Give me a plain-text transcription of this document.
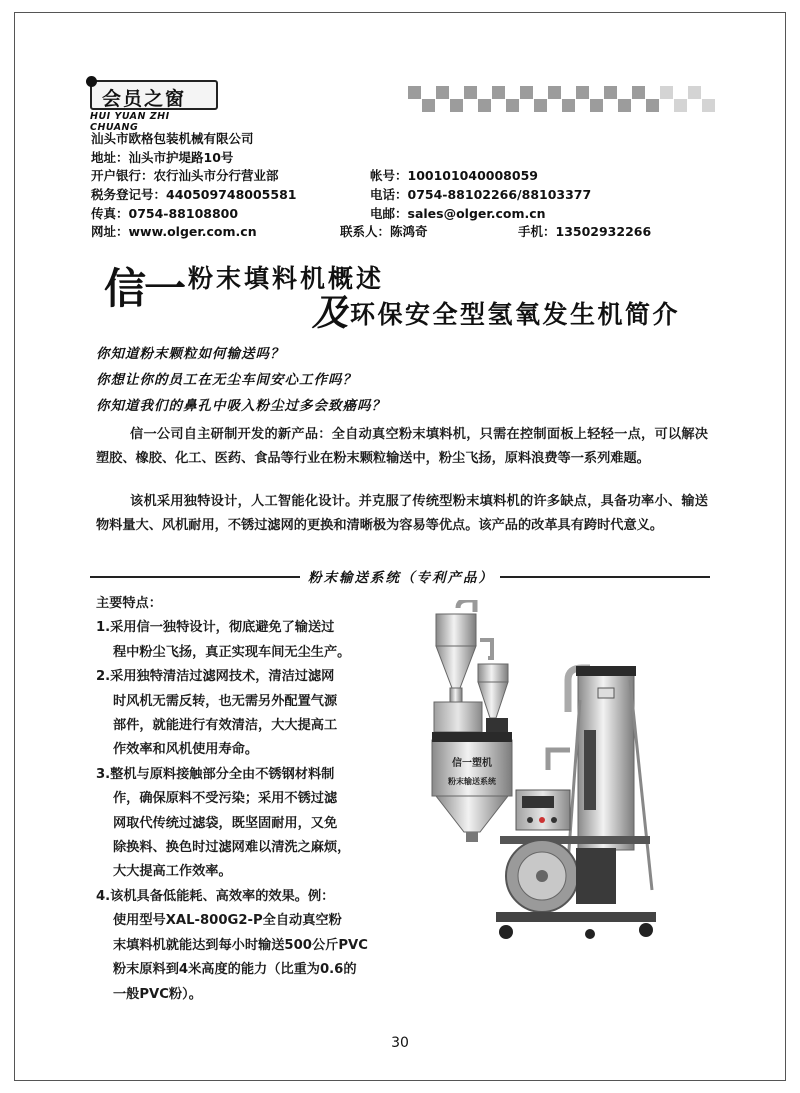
会员之窗
HUI YUAN ZHI CHUANG
汕头市欧格包装机械有限公司
地址：汕头市护堤路10号
开户银行：农行汕头市分行营业部	帐号：100101040008059
税务登记号：440509748005581	电话：0754-88102266/88103377
传真：0754-88108800	电邮：sales@olger.com.cn
网址：www.olger.com.cn	联系人：陈鸿奇	手机：13502932266
信一 粉末填料机概述
及 环保安全型氢氧发生机简介
你知道粉末颗粒如何输送吗？
你想让你的员工在无尘车间安心工作吗？
你知道我们的鼻孔中吸入粉尘过多会致癌吗？
信一公司自主研制开发的新产品：全自动真空粉末填料机，只需在控制面板上轻轻一点，可以解决塑胶、橡胶、化工、医药、食品等行业在粉末颗粒输送中，粉尘飞扬，原料浪费等一系列难题。
该机采用独特设计，人工智能化设计。并克服了传统型粉末填料机的许多缺点，具备功率小、输送物料量大、风机耐用，不锈过滤网的更换和清晰极为容易等优点。该产品的改革具有跨时代意义。
粉末输送系统（专利产品）
主要特点：
1.采用信一独特设计，彻底避免了输送过
程中粉尘飞扬，真正实现车间无尘生产。
2.采用独特清洁过滤网技术，清洁过滤网
时风机无需反转，也无需另外配置气源
部件，就能进行有效清洁，大大提高工
作效率和风机使用寿命。
3.整机与原料接触部分全由不锈钢材料制
作，确保原料不受污染；采用不锈过滤
网取代传统过滤袋，既坚固耐用，又免
除换料、换色时过滤网难以清洗之麻烦，
大大提高工作效率。
4.该机具备低能耗、高效率的效果。例：
使用型号XAL-800G2-P全自动真空粉
末填料机就能达到每小时输送500公斤PVC
粉末原料到4米高度的能力（比重为0.6的
一般PVC粉）。
信一塑机
粉末输送系统
30
